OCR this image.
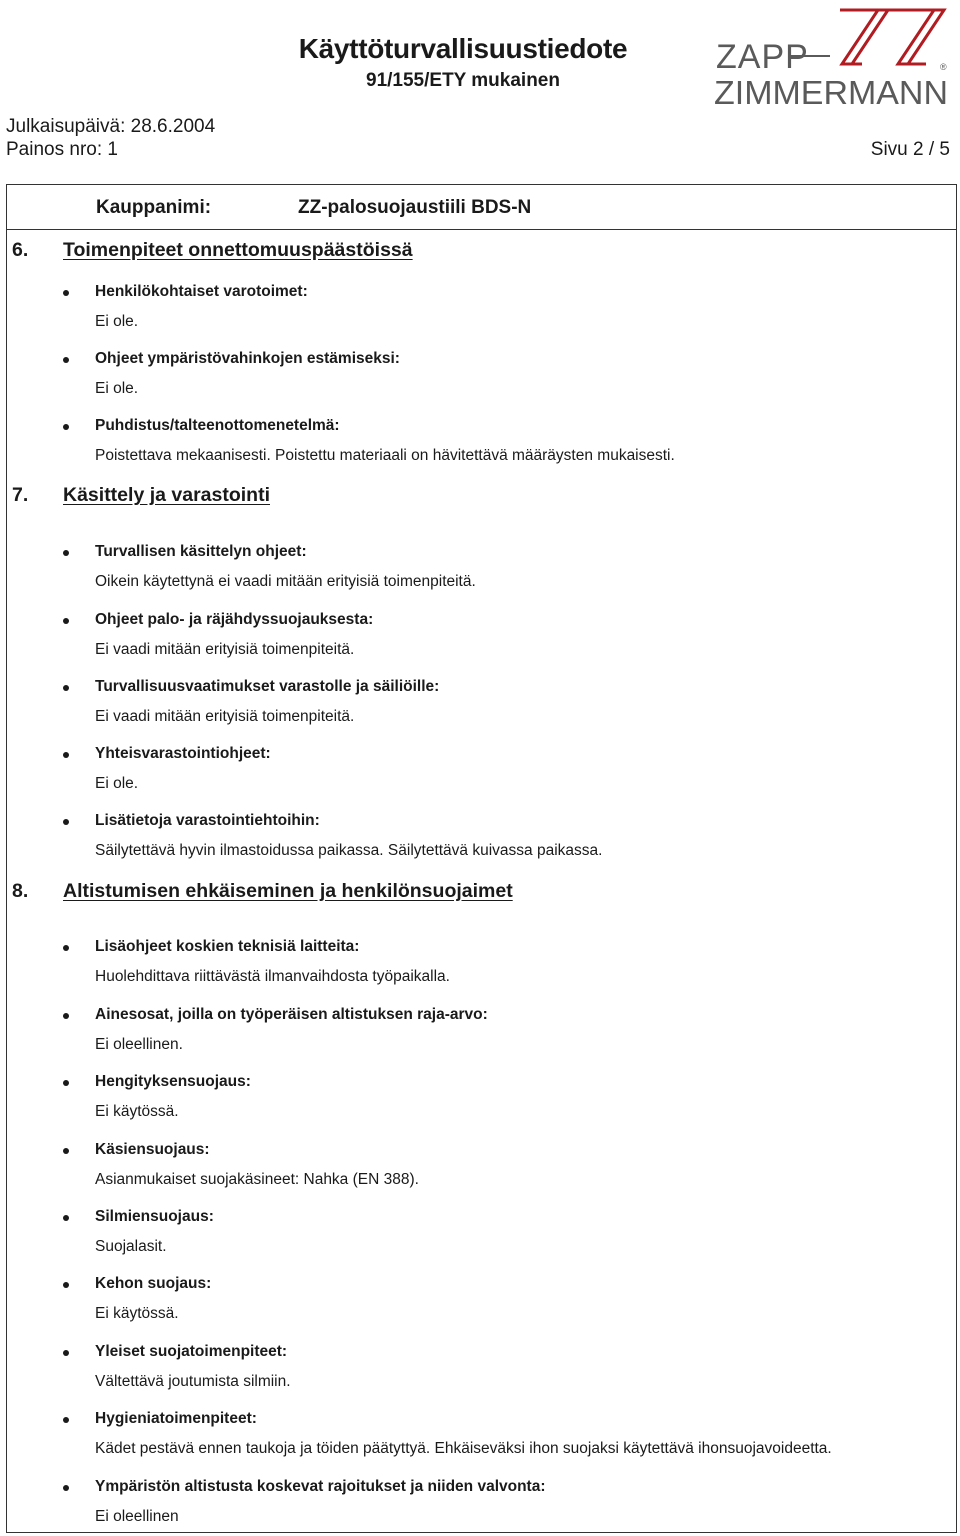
Käyttöturvallisuustiedote
91/155/ETY mukainen
ZAPP
ZIMMERMANN
®
Julkaisupäivä: 28.6.2004
Painos nro: 1	Sivu 2 / 5
Kauppanimi:	ZZ-palosuojaustiili BDS-N
6. Toimenpiteet onnettomuuspäästöissä
Henkilökohtaiset varotoimet:
Ei ole.
Ohjeet ympäristövahinkojen estämiseksi:
Ei ole.
Puhdistus/talteenottomenetelmä:
Poistettava mekaanisesti. Poistettu materiaali on hävitettävä määräysten mukaisesti.
7. Käsittely ja varastointi
Turvallisen käsittelyn ohjeet:
Oikein käytettynä ei vaadi mitään erityisiä toimenpiteitä.
Ohjeet palo- ja räjähdyssuojauksesta:
Ei vaadi mitään erityisiä toimenpiteitä.
Turvallisuusvaatimukset varastolle ja säiliöille:
Ei vaadi mitään erityisiä toimenpiteitä.
Yhteisvarastointiohjeet:
Ei ole.
Lisätietoja varastointiehtoihin:
Säilytettävä hyvin ilmastoidussa paikassa. Säilytettävä kuivassa paikassa.
8. Altistumisen ehkäiseminen ja henkilönsuojaimet
Lisäohjeet koskien teknisiä laitteita:
Huolehdittava riittävästä ilmanvaihdosta työpaikalla.
Ainesosat, joilla on työperäisen altistuksen raja-arvo:
Ei oleellinen.
Hengityksensuojaus:
Ei käytössä.
Käsiensuojaus:
Asianmukaiset suojakäsineet: Nahka (EN 388).
Silmiensuojaus:
Suojalasit.
Kehon suojaus:
Ei käytössä.
Yleiset suojatoimenpiteet:
Vältettävä joutumista silmiin.
Hygieniatoimenpiteet:
Kädet pestävä ennen taukoja ja töiden päätyttyä. Ehkäiseväksi ihon suojaksi käytettävä ihonsuojavoideetta.
Ympäristön altistusta koskevat rajoitukset ja niiden valvonta:
Ei oleellinen
